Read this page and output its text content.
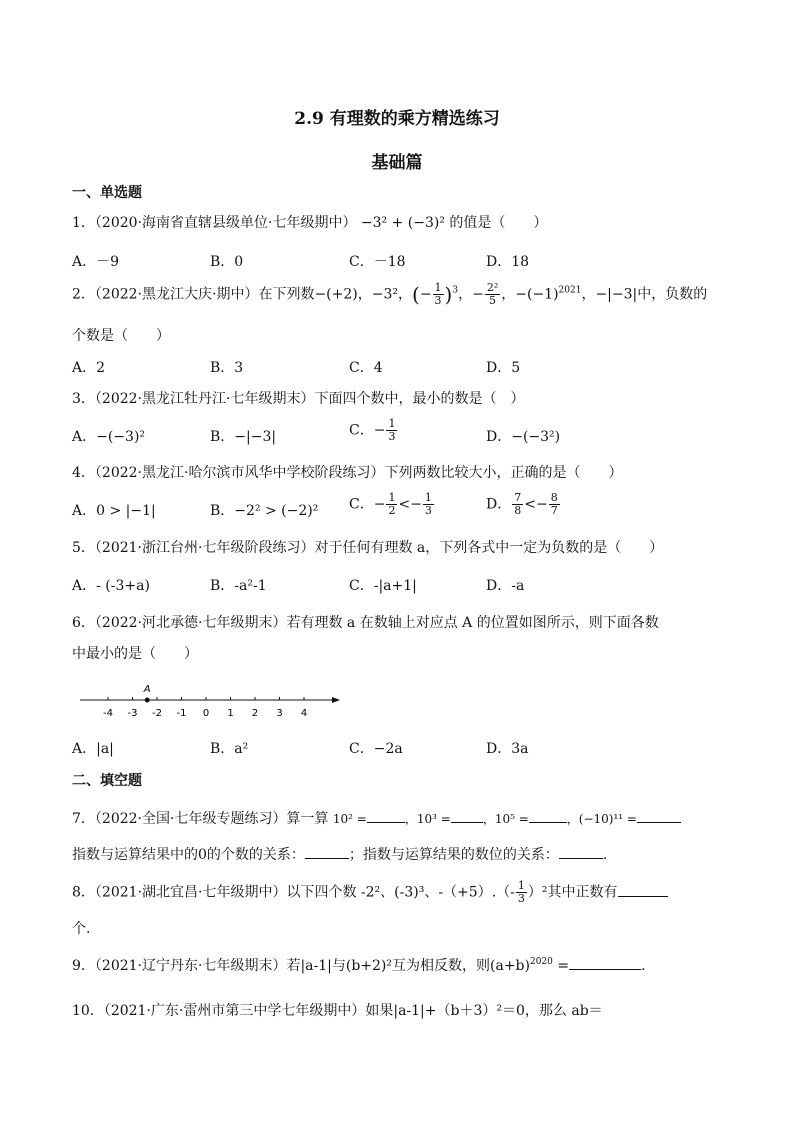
2.9 有理数的乘方精选练习
基础篇
一、单选题
1．（2020·海南省直辖县级单位·七年级期中） −3² + (−3)² 的值是（　　）
A．－9	B．0	C．－18	D．18
2．（2022·黑龙江大庆·期中）在下列数−(+2)，−3²，(− $\frac{1}{3} )^3$，− $\frac{\text{2²}}{5}$ ，$-(-1)^{2021}$，−|−3|中，负数的
个数是（　　）
A．2	B．3	C．4	D．5
3．（2022·黑龙江牡丹江·七年级期末）下面四个数中，最小的数是（　）
A．−(−3)²	B．−|−3|	C．− $\frac{1}{3}$	D．−(−3²)
4．（2022·黑龙江·哈尔滨市风华中学校阶段练习）下列两数比较大小，正确的是（　　）
A．0 > |−1|	B．−2² > (−2)² C．− $\frac{1}{2} <- \frac{1}{3}$	D． $\frac{7}{8} <- \frac{8}{7}$
5．（2021·浙江台州·七年级阶段练习）对于任何有理数 a，下列各式中一定为负数的是（　　）
A．- (-3+a)	B．-a²-1	C．-|a+1|	D．-a
6．（2022·河北承德·七年级期末）若有理数 a 在数轴上对应点 A 的位置如图所示，则下面各数
中最小的是（　　）
-4 -3 -2 -1 0 1 2 3 4
A
A．|a|	B．a²	C．−2a	D．3a
二、填空题
7．（2022·全国·七年级专题练习）算一算 10² =	，10³ =	，10⁵ =	，(−10)¹¹ =
指数与运算结果中的0的个数的关系：	；指数与运算结果的数位的关系：	.
8．（2021·湖北宜昌·七年级期中）以下四个数 -2²、(-3)³、$-(+5).(- \frac{1}{3} )^2$其中正数有
个.
9．（2021·辽宁丹东·七年级期末）若|a-1|与(b+2)²互为相反数，则$(a+b)^{2020}$ =	.
10．（2021·广东·雷州市第三中学七年级期中）如果|a-1|+（b＋3）²＝0，那么 ab＝
